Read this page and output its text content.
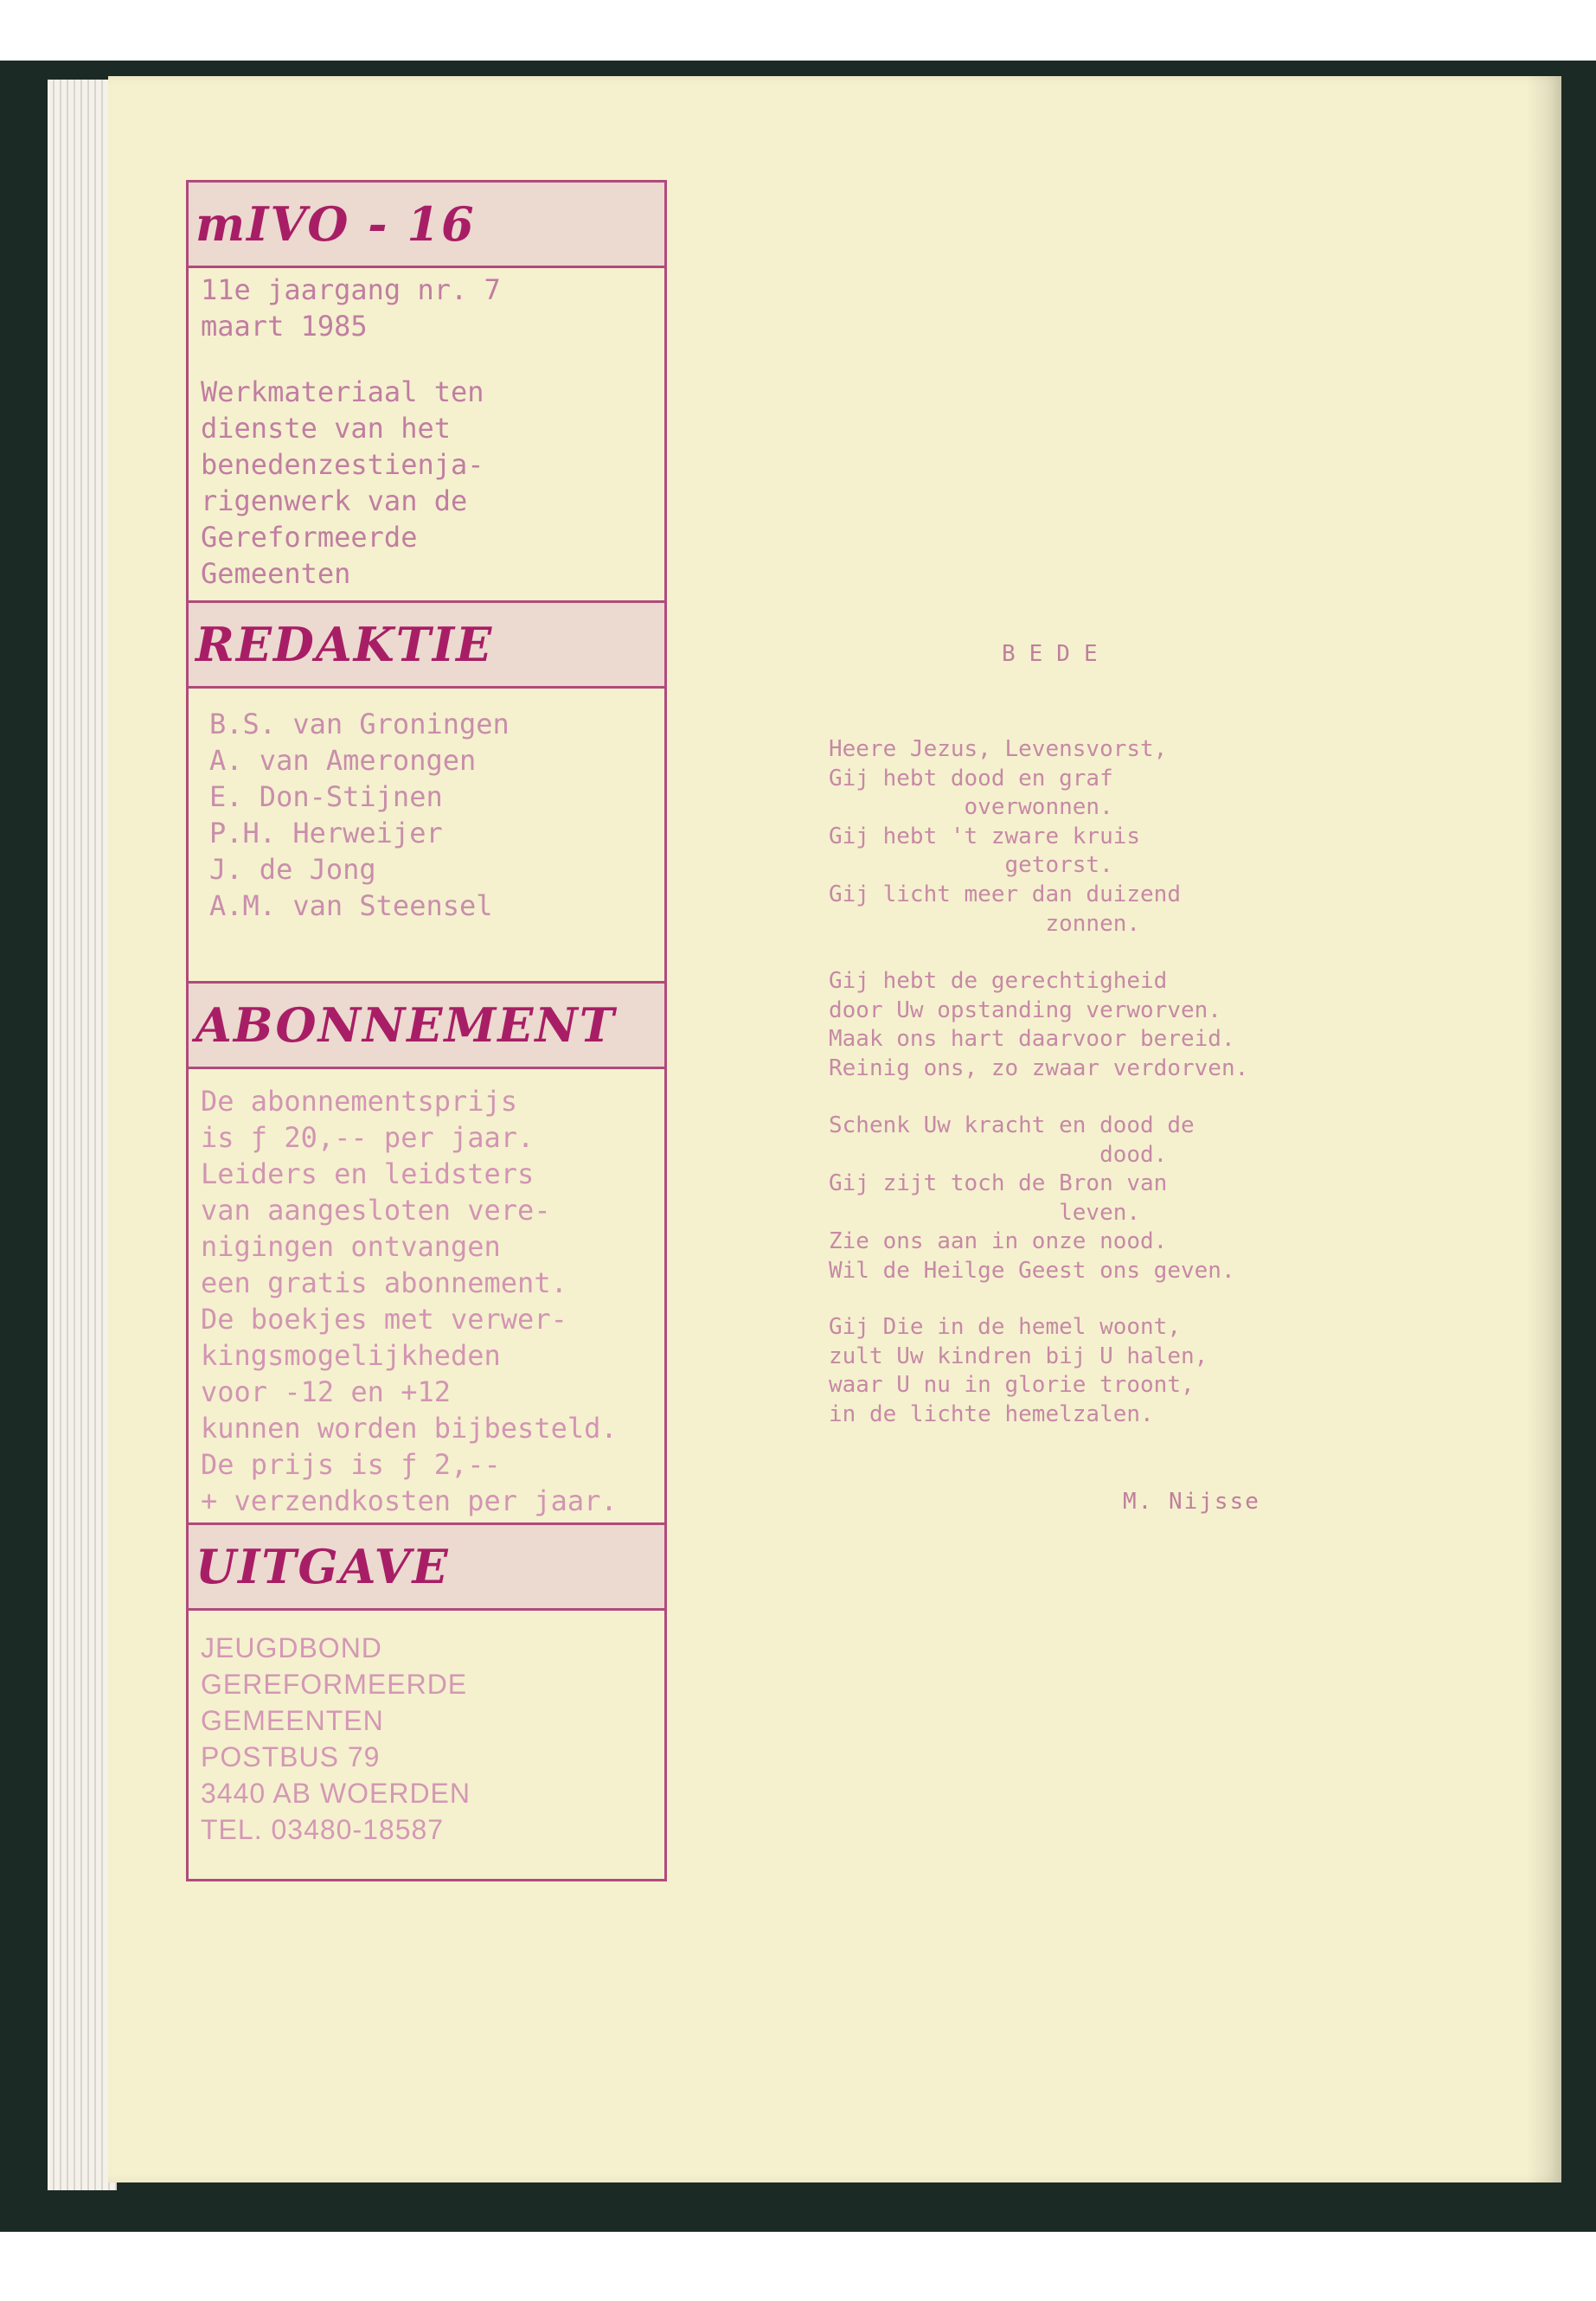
mIVO - 16
11e jaargang nr. 7
maart 1985
Werkmateriaal ten
dienste van het
benedenzestienja-
rigenwerk van de
Gereformeerde
Gemeenten
REDAKTIE
B.S. van Groningen
A. van Amerongen
E. Don-Stijnen
P.H. Herweijer
J. de Jong
A.M. van Steensel
ABONNEMENT
De abonnementsprijs
is ƒ 20,-- per jaar.
Leiders en leidsters
van aangesloten vere-
nigingen ontvangen
een gratis abonnement.
De boekjes met verwer-
kingsmogelijkheden
voor -12 en +12
kunnen worden bijbesteld.
De prijs is ƒ 2,--
+ verzendkosten per jaar.
UITGAVE
JEUGDBOND
GEREFORMEERDE
GEMEENTEN
POSTBUS 79
3440 AB WOERDEN
TEL. 03480-18587
BEDE
Heere Jezus, Levensvorst,
Gij hebt dood en graf
overwonnen.
Gij hebt 't zware kruis
getorst.
Gij licht meer dan duizend
zonnen.
Gij hebt de gerechtigheid
door Uw opstanding verworven.
Maak ons hart daarvoor bereid.
Reinig ons, zo zwaar verdorven.
Schenk Uw kracht en dood de
dood.
Gij zijt toch de Bron van
leven.
Zie ons aan in onze nood.
Wil de Heilge Geest ons geven.
Gij Die in de hemel woont,
zult Uw kindren bij U halen,
waar U nu in glorie troont,
in de lichte hemelzalen.
M. Nijsse
